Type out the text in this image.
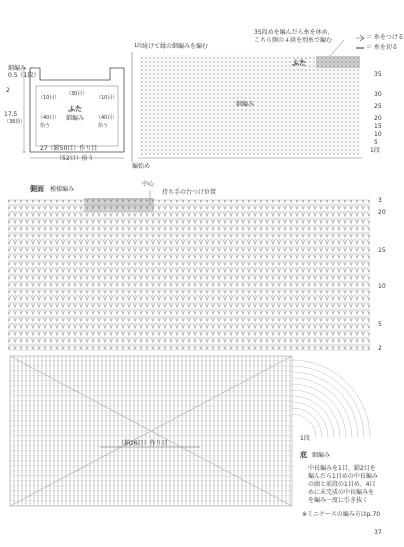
細編み
0.5（1段）
2
17.5
（38段）
（10目）
（30目）
（10目）
ふた
細編み
（40目）
拾う
（40目）
拾う
27（鎖50目）作り目
（52目）拾う
続けて縁の細編みを編む
1段
35段めを編んだら糸を休め、
こちら側の４経を別糸で編む
ふた
細編み
編始め
＝ 糸をつける
＝ 糸を切る
35
30
25
20
15
10
5
1段
側面 模様編み
中心
持ち手の台つけ位置
3
20
15
10
5
2
1段
（鎖26目）作り目
底 細編み
中長編みを1目、鎖2目を
編んだら1目めの中長編み
の頭と前段の1目め、4目
めに未完成の中長編みを
を編み一度に引き抜く
※ミニケースの編み方はp.70
37
